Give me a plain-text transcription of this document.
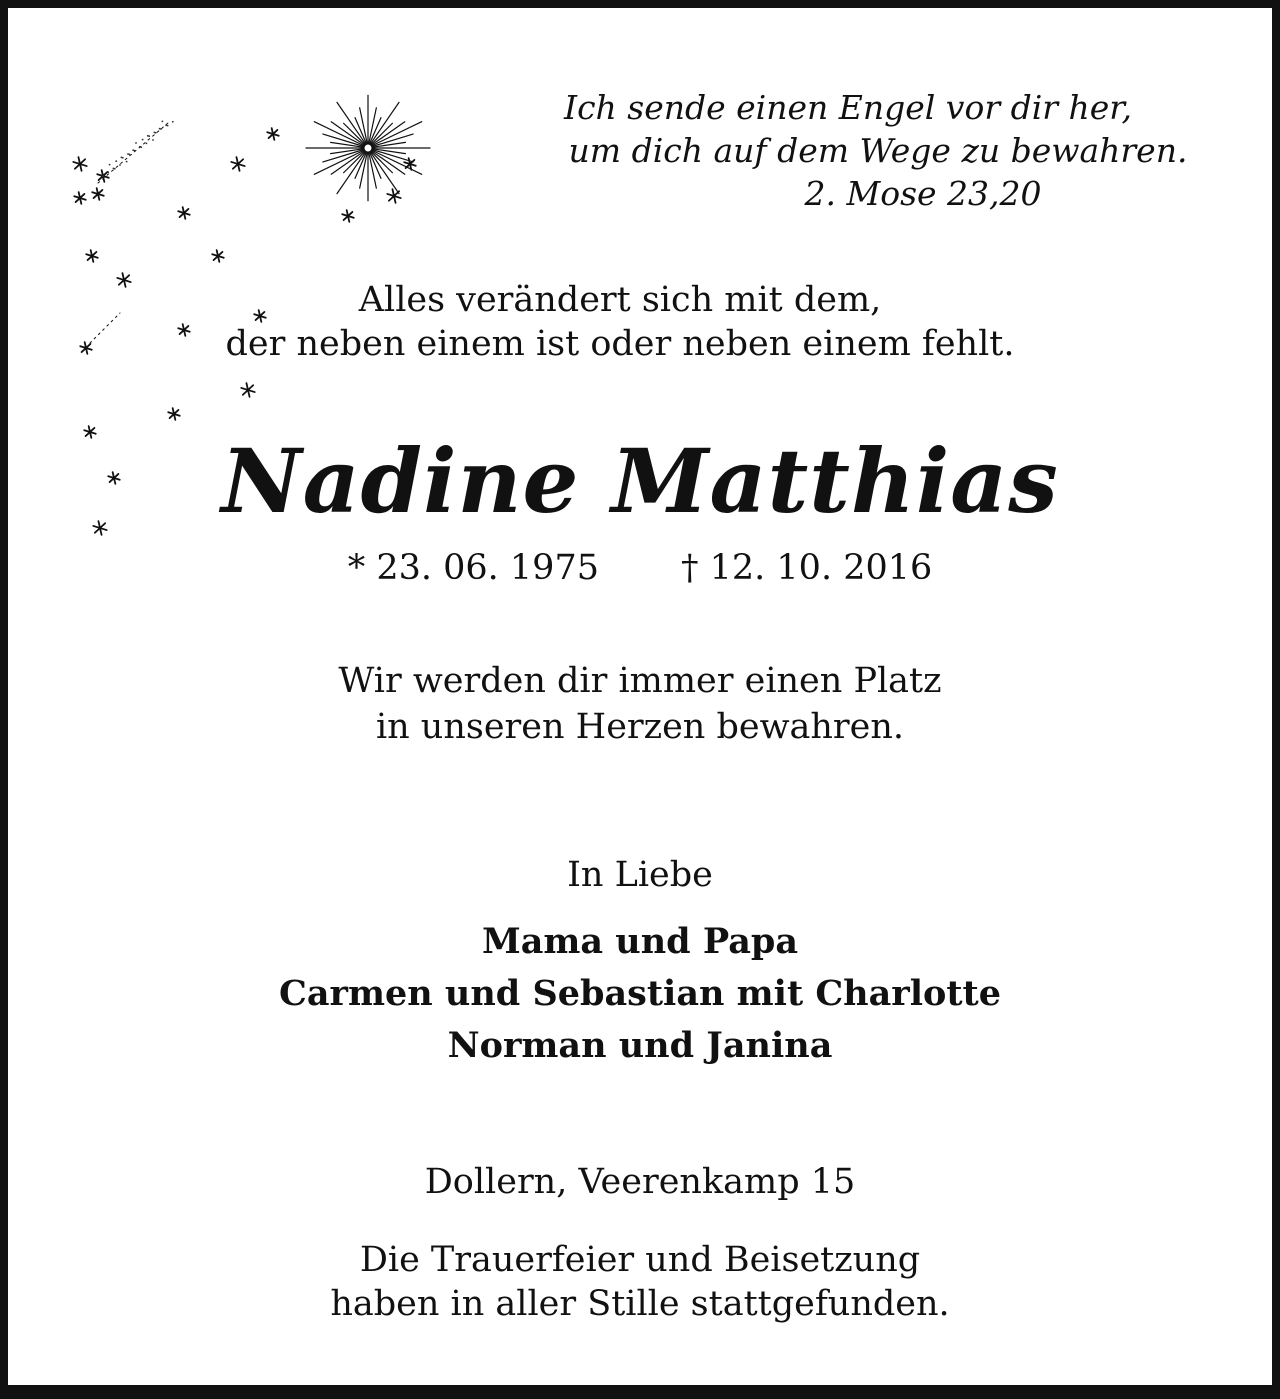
Ich sende einen Engel vor dir her,
um dich auf dem Wege zu bewahren.
2. Mose 23,20
Alles verändert sich mit dem,
der neben einem ist oder neben einem fehlt.
Nadine Matthias
* 23. 06. 1975 † 12. 10. 2016
Wir werden dir immer einen Platz
in unseren Herzen bewahren.
In Liebe
Mama und Papa
Carmen und Sebastian mit Charlotte
Norman und Janina
Dollern, Veerenkamp 15
Die Trauerfeier und Beisetzung
haben in aller Stille stattgefunden.
